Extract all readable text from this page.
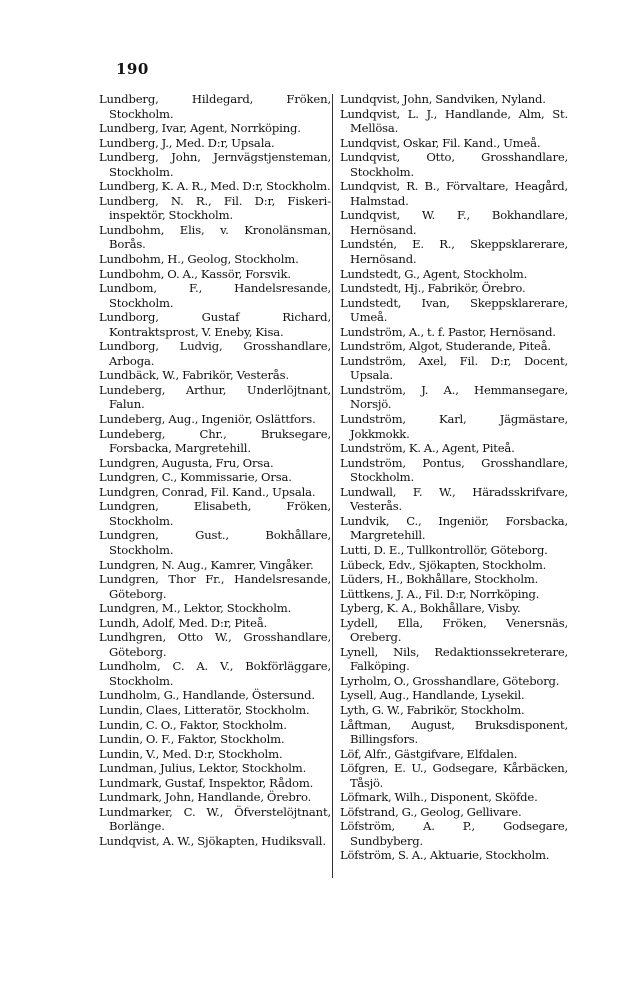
190

Lundberg, Hildegard, Fröken, Stockholm.

Lundberg, Ivar, Agent, Norrköping.

Lundberg, J., Med. D:r, Upsala.

Lundberg, John, Jernvägstjensteman, Stockholm.

Lundberg, K. A. R., Med. D:r, Stockholm.

Lundberg, N. R., Fil. D:r, Fiskeri-inspektör, Stockholm.

Lundbohm, Elis, v. Kronolänsman, Borås.

Lundbohm, H., Geolog, Stockholm.

Lundbohm, O. A., Kassör, Forsvik.

Lundbom, F., Handelsresande, Stockholm.

Lundborg, Gustaf Richard, Kontraktsprost, V. Eneby, Kisa.

Lundborg, Ludvig, Grosshandlare, Arboga.

Lundbäck, W., Fabrikör, Vesterås.

Lundeberg, Arthur, Underlöjtnant, Falun.

Lundeberg, Aug., Ingeniör, Oslättfors.

Lundeberg, Chr., Bruksegare, Forsbacka, Margretehill.

Lundgren, Augusta, Fru, Orsa.

Lundgren, C., Kommissarie, Orsa.

Lundgren, Conrad, Fil. Kand., Upsala.

Lundgren, Elisabeth, Fröken, Stockholm.

Lundgren, Gust., Bokhållare, Stockholm.

Lundgren, N. Aug., Kamrer, Vingåker.

Lundgren, Thor Fr., Handelsresande, Göteborg.

Lundgren, M., Lektor, Stockholm.

Lundh, Adolf, Med. D:r, Piteå.

Lundhgren, Otto W., Grosshandlare, Göteborg.

Lundholm, C. A. V., Bokförläggare, Stockholm.

Lundholm, G., Handlande, Östersund.

Lundin, Claes, Litteratör, Stockholm.

Lundin, C. O., Faktor, Stockholm.

Lundin, O. F., Faktor, Stockholm.

Lundin, V., Med. D:r, Stockholm.

Lundman, Julius, Lektor, Stockholm.

Lundmark, Gustaf, Inspektor, Rådom.

Lundmark, John, Handlande, Örebro.

Lundmarker, C. W., Öfverstelöjtnant, Borlänge.

Lundqvist, A. W., Sjökapten, Hudiksvall.

Lundqvist, John, Sandviken, Nyland.

Lundqvist, L. J., Handlande, Alm, St. Mellösa.

Lundqvist, Oskar, Fil. Kand., Umeå.

Lundqvist, Otto, Grosshandlare, Stockholm.

Lundqvist, R. B., Förvaltare, Heagård, Halmstad.

Lundqvist, W. F., Bokhandlare, Hernösand.

Lundstén, E. R., Skeppsklarerare, Hernösand.

Lundstedt, G., Agent, Stockholm.

Lundstedt, Hj., Fabrikör, Örebro.

Lundstedt, Ivan, Skeppsklarerare, Umeå.

Lundström, A., t. f. Pastor, Hernösand.

Lundström, Algot, Studerande, Piteå.

Lundström, Axel, Fil. D:r, Docent, Upsala.

Lundström, J. A., Hemmansegare, Norsjö.

Lundström, Karl, Jägmästare, Jokkmokk.

Lundström, K. A., Agent, Piteå.

Lundström, Pontus, Grosshandlare, Stockholm.

Lundwall, F. W., Häradsskrifvare, Vesterås.

Lundvik, C., Ingeniör, Forsbacka, Margretehill.

Lutti, D. E., Tullkontrollör, Göteborg.

Lübeck, Edv., Sjökapten, Stockholm.

Lüders, H., Bokhållare, Stockholm.

Lüttkens, J. A., Fil. D:r, Norrköping.

Lyberg, K. A., Bokhållare, Visby.

Lydell, Ella, Fröken, Venersnäs, Oreberg.

Lynell, Nils, Redaktionssekreterare, Falköping.

Lyrholm, O., Grosshandlare, Göteborg.

Lysell, Aug., Handlande, Lysekil.

Lyth, G. W., Fabrikör, Stockholm.

Låftman, August, Bruksdisponent, Billingsfors.

Löf, Alfr., Gästgifvare, Elfdalen.

Löfgren, E. U., Godsegare, Kårbäcken, Tåsjö.

Löfmark, Wilh., Disponent, Sköfde.

Löfstrand, G., Geolog, Gellivare.

Löfström, A. P., Godsegare, Sundbyberg.

Löfström, S. A., Aktuarie, Stockholm.
